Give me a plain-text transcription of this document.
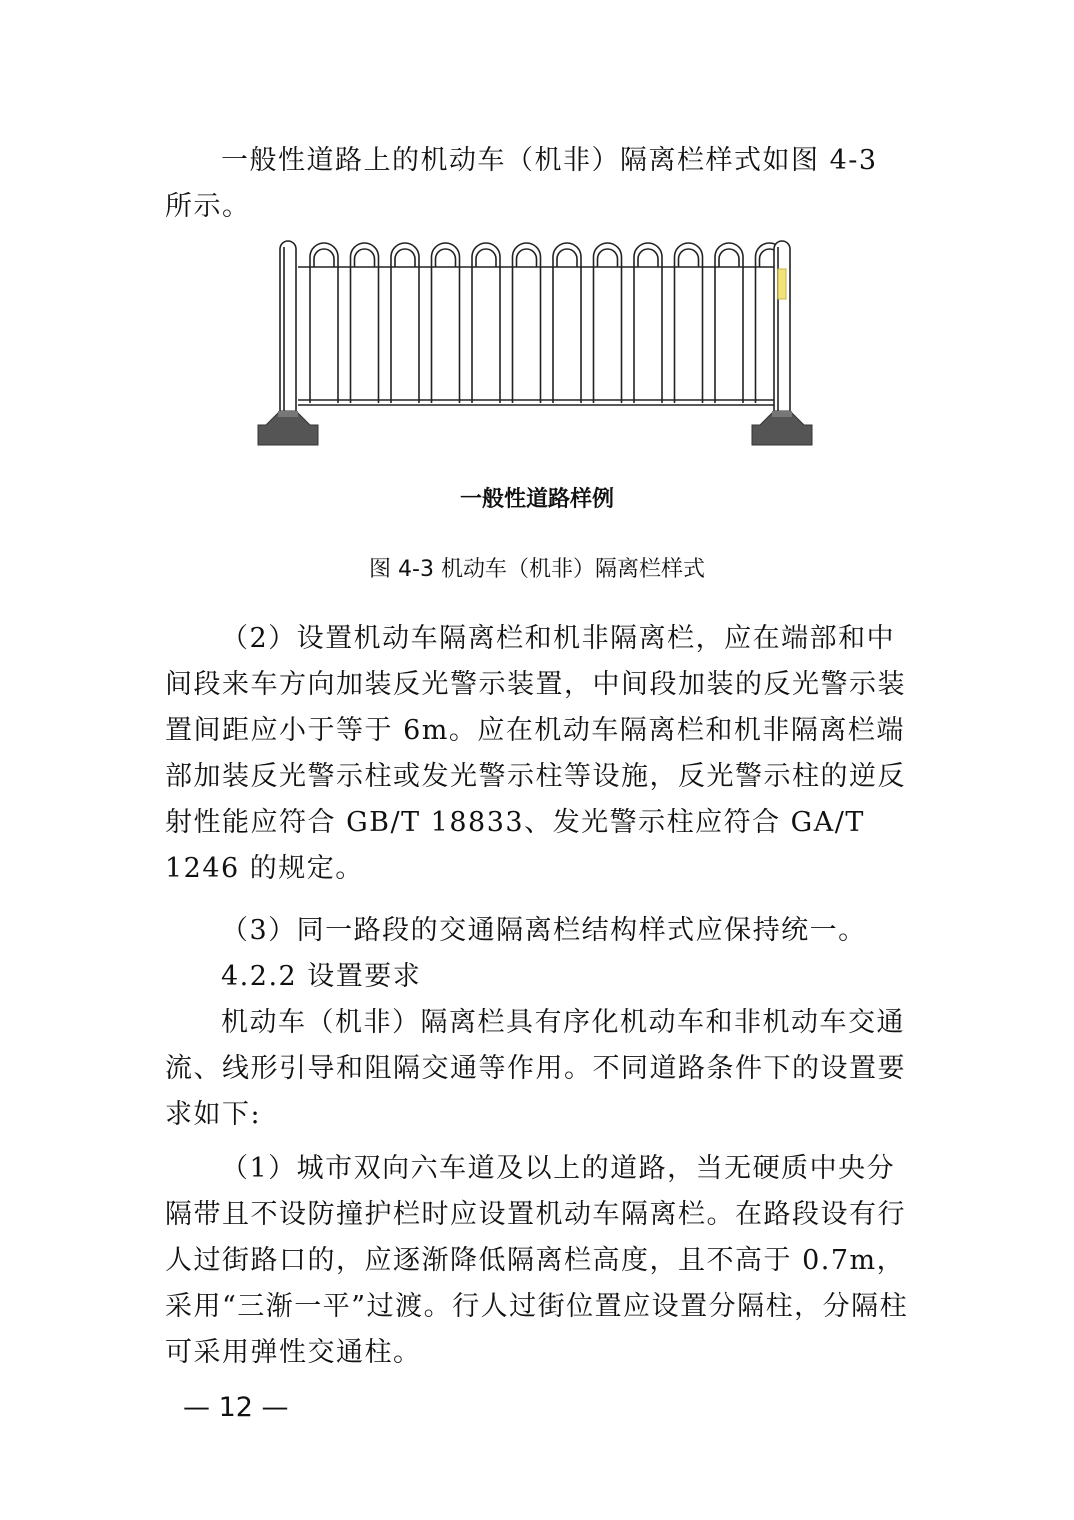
一般性道路上的机动车（机非）隔离栏样式如图 4-3 所示。

一般性道路样例
图 4-3 机动车（机非）隔离栏样式

（2）设置机动车隔离栏和机非隔离栏，应在端部和中间段来车方向加装反光警示装置，中间段加装的反光警示装置间距应小于等于 6m。应在机动车隔离栏和机非隔离栏端部加装反光警示柱或发光警示柱等设施，反光警示柱的逆反射性能应符合 GB/T 18833、发光警示柱应符合 GA/T 1246 的规定。

（3）同一路段的交通隔离栏结构样式应保持统一。

4.2.2 设置要求

机动车（机非）隔离栏具有序化机动车和非机动车交通流、线形引导和阻隔交通等作用。不同道路条件下的设置要求如下:

（1）城市双向六车道及以上的道路，当无硬质中央分隔带且不设防撞护栏时应设置机动车隔离栏。在路段设有行人过街路口的，应逐渐降低隔离栏高度，且不高于 0.7m，采用“三渐一平”过渡。行人过街位置应设置分隔柱，分隔柱可采用弹性交通柱。

— 12 —
